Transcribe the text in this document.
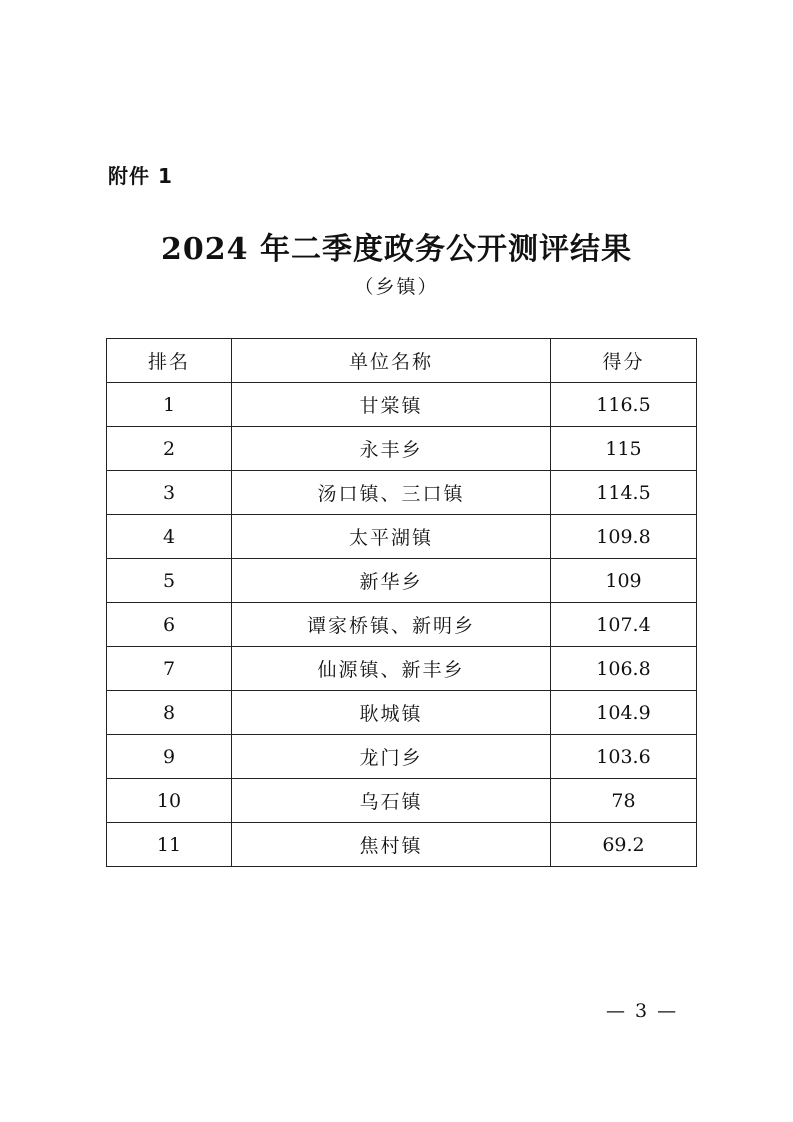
附件 1
2024 年二季度政务公开测评结果
（乡镇）
排名	单位名称	得分
1	甘棠镇	116.5
2	永丰乡	115
3	汤口镇、三口镇	114.5
4	太平湖镇	109.8
5	新华乡	109
6	谭家桥镇、新明乡	107.4
7	仙源镇、新丰乡	106.8
8	耿城镇	104.9
9	龙门乡	103.6
10	乌石镇	78
11	焦村镇	69.2
— 3 —
